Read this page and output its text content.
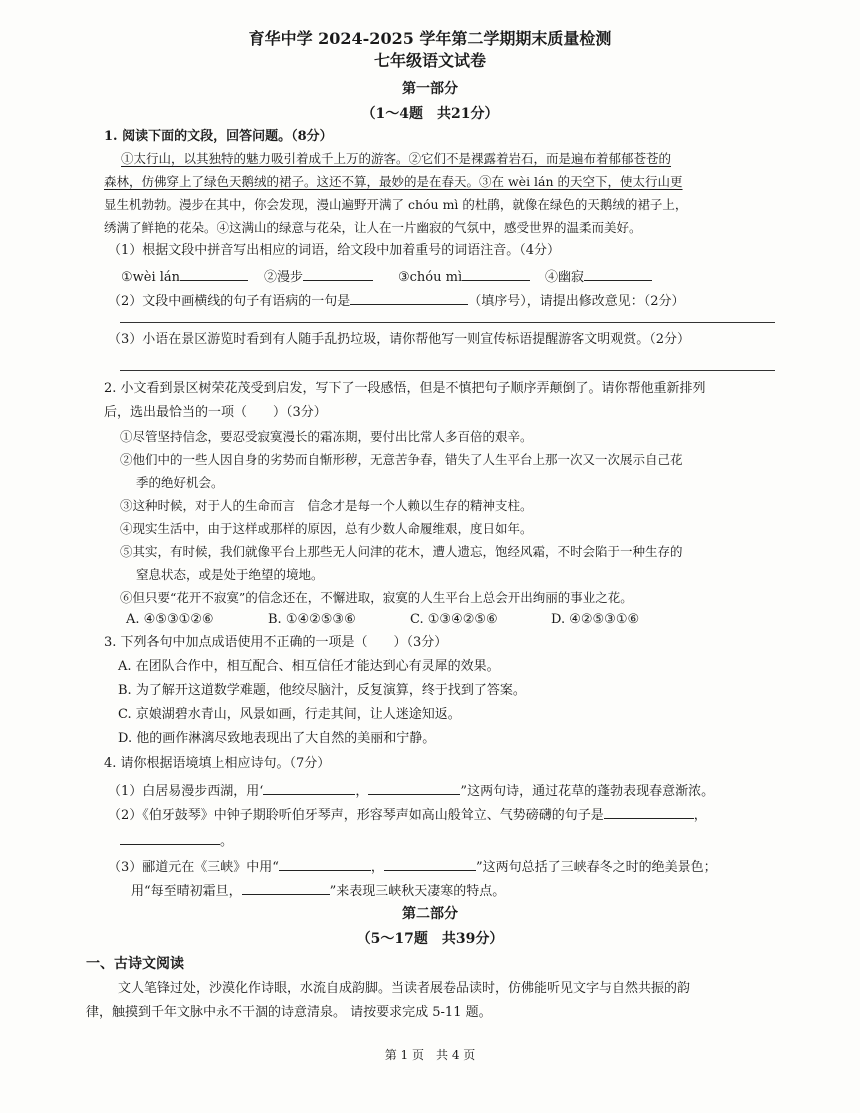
育华中学 2024-2025 学年第二学期期末质量检测
七年级语文试卷
第一部分
（1～4题　共21分）
1. 阅读下面的文段，回答问题。（8分）
①太行山，以其独特的魅力吸引着成千上万的游客。②它们不是裸露着岩石，而是遍布着郁郁苍苍的
森林，仿佛穿上了绿色天鹅绒的裙子。这还不算，最妙的是在春天。③在 wèi lán 的天空下，使太行山更
显生机勃勃。漫步在其中，你会发现，漫山遍野开满了 chóu mì 的杜鹃，就像在绿色的天鹅绒的裙子上，
绣满了鲜艳的花朵。④这满山的绿意与花朵，让人在一片幽寂的气氛中，感受世界的温柔而美好。
（1）根据文段中拼音写出相应的词语，给文段中加着重号的词语注音。（4分）
①wèi lán	②漫步	③chóu mì	④幽寂
（2）文段中画横线的句子有语病的一句是	（填序号），请提出修改意见：（2分）
（3）小语在景区游览时看到有人随手乱扔垃圾，请你帮他写一则宣传标语提醒游客文明观赏。（2分）
2. 小文看到景区树荣花茂受到启发，写下了一段感悟，但是不慎把句子顺序弄颠倒了。请你帮他重新排列
后，选出最恰当的一项（　　）（3分）
①尽管坚持信念，要忍受寂寞漫长的霜冻期，要付出比常人多百倍的艰辛。
②他们中的一些人因自身的劣势而自惭形秽，无意苦争春，错失了人生平台上那一次又一次展示自己花
季的绝好机会。
③这种时候，对于人的生命而言　信念才是每一个人赖以生存的精神支柱。
④现实生活中，由于这样或那样的原因，总有少数人命履维艰，度日如年。
⑤其实，有时候，我们就像平台上那些无人问津的花木，遭人遗忘，饱经风霜，不时会陷于一种生存的
窒息状态，或是处于绝望的境地。
⑥但只要“花开不寂寞”的信念还在，不懈进取，寂寞的人生平台上总会开出绚丽的事业之花。
A. ④⑤③①②⑥	B. ①④②⑤③⑥	C. ①③④②⑤⑥	D. ④②⑤③①⑥
3. 下列各句中加点成语使用不正确的一项是（　　）（3分）
A. 在团队合作中，相互配合、相互信任才能达到心有灵犀的效果。
B. 为了解开这道数学难题，他绞尽脑汁，反复演算，终于找到了答案。
C. 京娘湖碧水青山，风景如画，行走其间，让人迷途知返。
D. 他的画作淋漓尽致地表现出了大自然的美丽和宁静。
4. 请你根据语境填上相应诗句。（7分）
（1）白居易漫步西湖，用‘	，	”这两句诗，通过花草的蓬勃表现春意渐浓。
（2）《伯牙鼓琴》中钟子期聆听伯牙琴声，形容琴声如高山般耸立、气势磅礴的句子是	，
。
（3）郦道元在《三峡》中用“	，	”这两句总括了三峡春冬之时的绝美景色；
用“每至晴初霜旦，	”来表现三峡秋天凄寒的特点。
第二部分
（5～17题　共39分）
一、古诗文阅读
文人笔锋过处，沙漠化作诗眼，水流自成韵脚。当读者展卷品读时，仿佛能听见文字与自然共振的韵
律，触摸到千年文脉中永不干涸的诗意清泉。 请按要求完成 5-11 题。
第 1 页　共 4 页
